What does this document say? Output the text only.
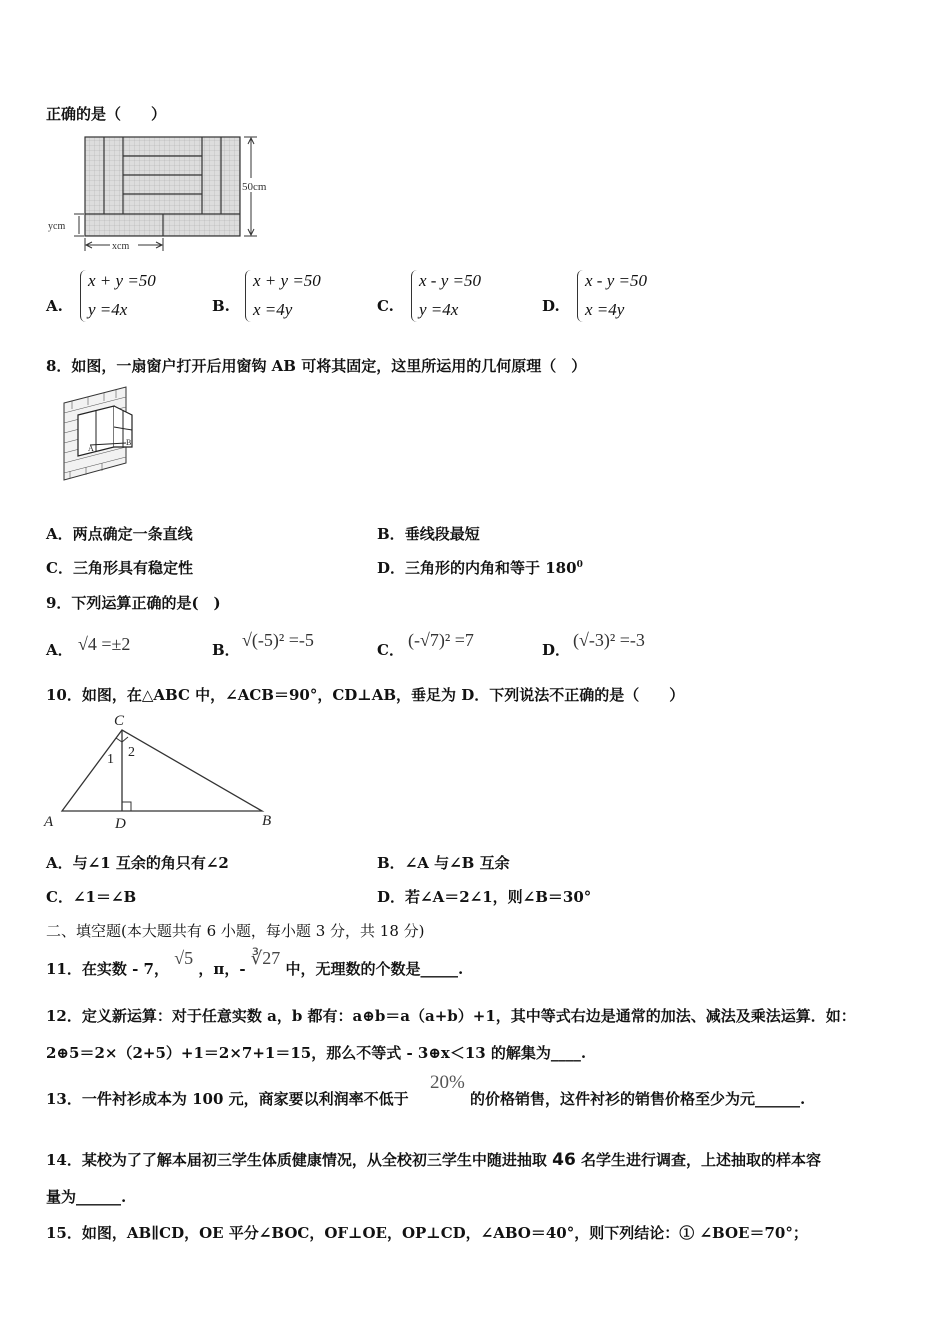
正确的是（　　）
50cm
ycm
xcm
A.
x + y =50
y =4x	B.
x + y =50
x =4y	C.
x - y =50
y =4x	D.
x - y =50
x =4y
8．如图，一扇窗户打开后用窗钩 AB 可将其固定，这里所运用的几何原理（　）
A
B
A．两点确定一条直线	B．垂线段最短
C．三角形具有稳定性	D．三角形的内角和等于 $180^0$
9．下列运算正确的是(　)
A． √4 =±2	B． √(-5)² =-5	C． (-√7)² =7	D． (√-3)² =-3
10．如图，在△ABC 中，∠ACB＝90°，CD⊥AB，垂足为 D．下列说法不正确的是（　　）
C
A	D	B
1 2
A．与∠1 互余的角只有∠2	B．∠A 与∠B 互余
C．∠1＝∠B	D．若∠A＝2∠1，则∠B＝30°
二、填空题(本大题共有 6 小题，每小题 3 分，共 18 分)
11．在实数 - 7， √5 ，π，- ∛27 中，无理数的个数是_____.
12．定义新运算：对于任意实数 a，b 都有：a⊕b＝a（a+b）+1，其中等式右边是通常的加法、减法及乘法运算．如：
2⊕5＝2×（2+5）+1＝2×7+1＝15，那么不等式 - 3⊕x＜13 的解集为____.
13．一件衬衫成本为 100 元，商家要以利润率不低于
20%
的价格销售，这件衬衫的销售价格至少为元______.
14．某校为了了解本届初三学生体质健康情况，从全校初三学生中随进抽取 46 名学生进行调查，上述抽取的样本容
量为______.
15．如图，AB∥CD，OE 平分∠BOC，OF⊥OE，OP⊥CD，∠ABO＝40°，则下列结论：① ∠BOE＝70°；
